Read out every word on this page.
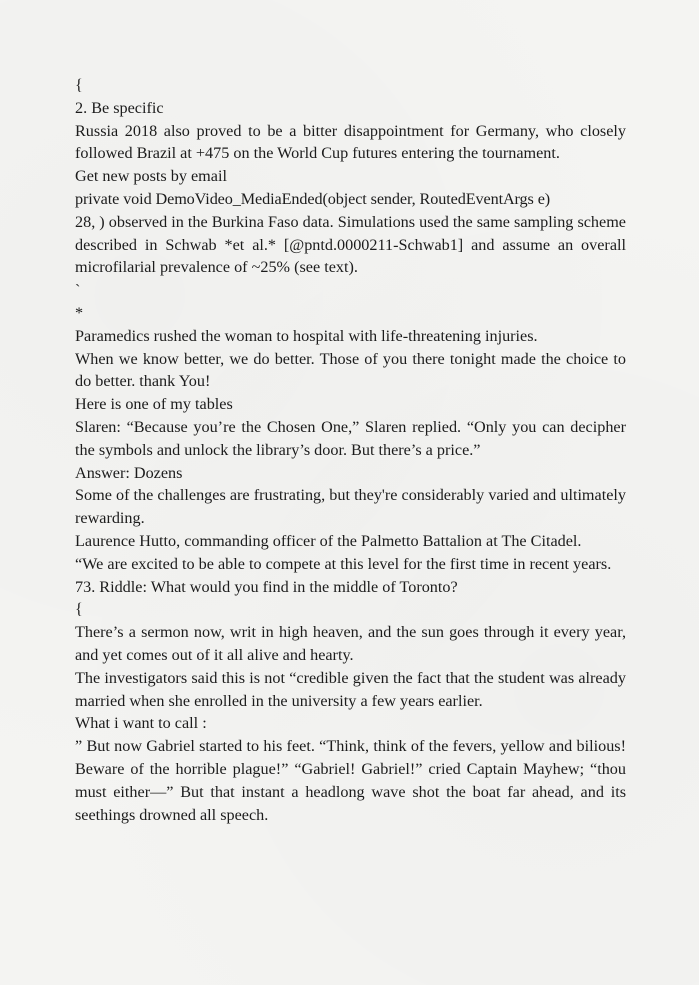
{

2. Be specific

Russia 2018 also proved to be a bitter disappointment for Germany, who closely followed Brazil at +475 on the World Cup futures entering the tournament.

Get new posts by email

private void DemoVideo_MediaEnded(object sender, RoutedEventArgs e)

28, ) observed in the Burkina Faso data. Simulations used the same sampling scheme described in Schwab *et al.* [@pntd.0000211-Schwab1] and assume an overall microfilarial prevalence of ~25% (see text).

`

*

Paramedics rushed the woman to hospital with life-threatening injuries.

When we know better, we do better. Those of you there tonight made the choice to do better. thank You!

Here is one of my tables

Slaren: “Because you’re the Chosen One,” Slaren replied. “Only you can decipher the symbols and unlock the library’s door. But there’s a price.”

Answer: Dozens

Some of the challenges are frustrating, but they're considerably varied and ultimately rewarding.

Laurence Hutto, commanding officer of the Palmetto Battalion at The Citadel.

“We are excited to be able to compete at this level for the first time in recent years.

73. Riddle: What would you find in the middle of Toronto?

{

There’s a sermon now, writ in high heaven, and the sun goes through it every year, and yet comes out of it all alive and hearty.

The investigators said this is not “credible given the fact that the student was already married when she enrolled in the university a few years earlier.

What i want to call :

” But now Gabriel started to his feet. “Think, think of the fevers, yellow and bilious! Beware of the horrible plague!” “Gabriel! Gabriel!” cried Captain Mayhew; “thou must either—” But that instant a headlong wave shot the boat far ahead, and its seethings drowned all speech.
